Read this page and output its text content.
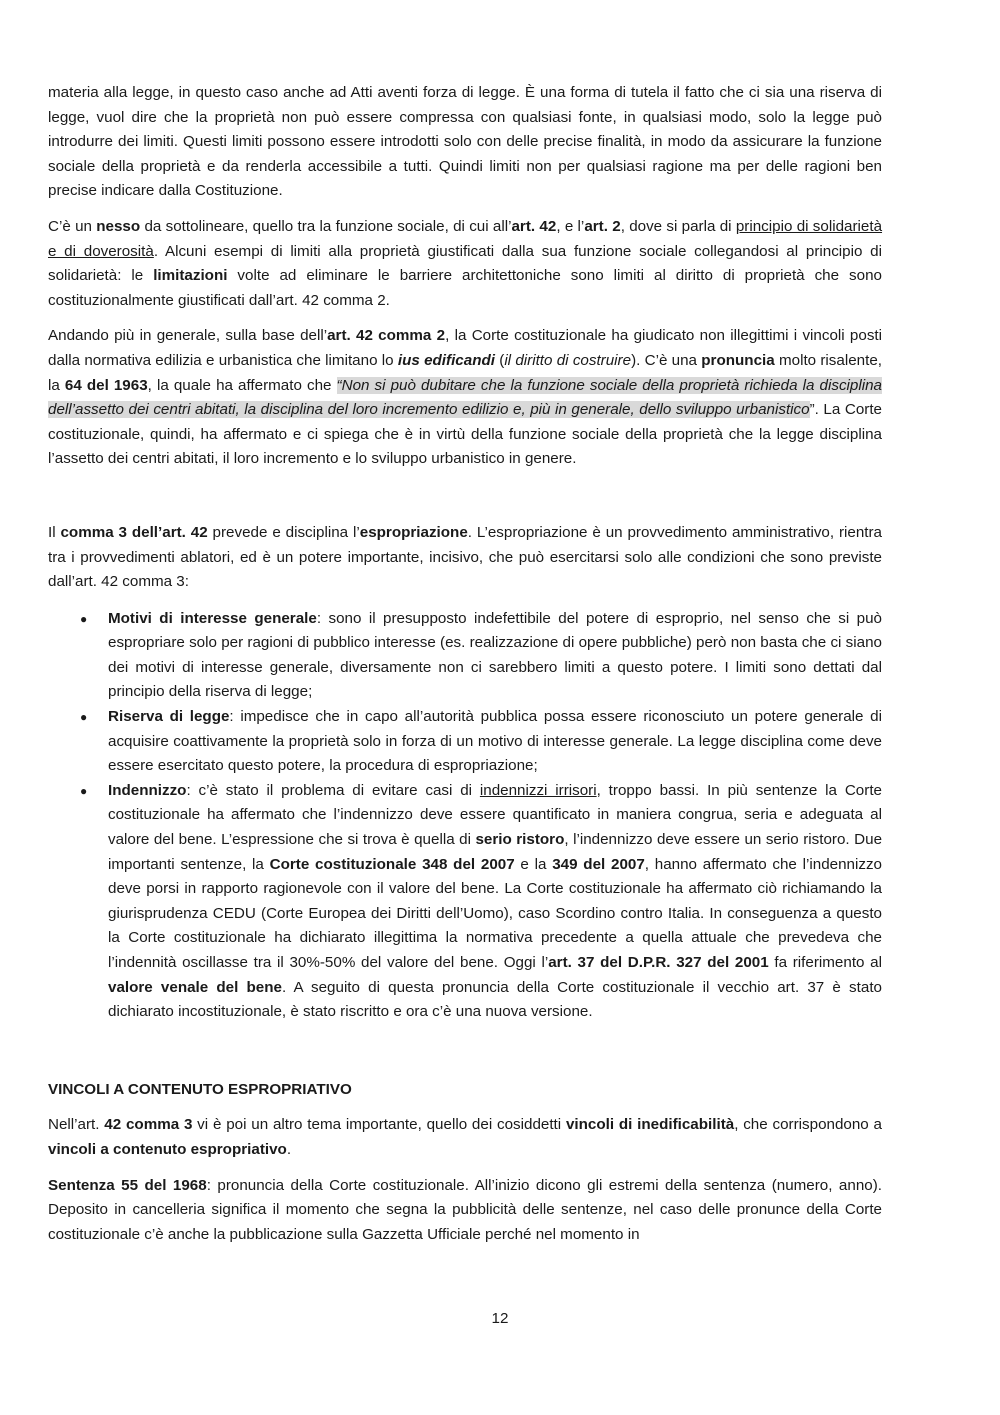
materia alla legge, in questo caso anche ad Atti aventi forza di legge. È una forma di tutela il fatto che ci sia una riserva di legge, vuol dire che la proprietà non può essere compressa con qualsiasi fonte, in qualsiasi modo, solo la legge può introdurre dei limiti. Questi limiti possono essere introdotti solo con delle precise finalità, in modo da assicurare la funzione sociale della proprietà e da renderla accessibile a tutti. Quindi limiti non per qualsiasi ragione ma per delle ragioni ben precise indicare dalla Costituzione.

C’è un nesso da sottolineare, quello tra la funzione sociale, di cui all’art. 42, e l’art. 2, dove si parla di principio di solidarietà e di doverosità. Alcuni esempi di limiti alla proprietà giustificati dalla sua funzione sociale collegandosi al principio di solidarietà: le limitazioni volte ad eliminare le barriere architettoniche sono limiti al diritto di proprietà che sono costituzionalmente giustificati dall’art. 42 comma 2.

Andando più in generale, sulla base dell’art. 42 comma 2, la Corte costituzionale ha giudicato non illegittimi i vincoli posti dalla normativa edilizia e urbanistica che limitano lo ius edificandi (il diritto di costruire). C’è una pronuncia molto risalente, la 64 del 1963, la quale ha affermato che “Non si può dubitare che la funzione sociale della proprietà richieda la disciplina dell’assetto dei centri abitati, la disciplina del loro incremento edilizio e, più in generale, dello sviluppo urbanistico”. La Corte costituzionale, quindi, ha affermato e ci spiega che è in virtù della funzione sociale della proprietà che la legge disciplina l’assetto dei centri abitati, il loro incremento e lo sviluppo urbanistico in genere.

Il comma 3 dell’art. 42 prevede e disciplina l’espropriazione. L’espropriazione è un provvedimento amministrativo, rientra tra i provvedimenti ablatori, ed è un potere importante, incisivo, che può esercitarsi solo alle condizioni che sono previste dall’art. 42 comma 3:

● Motivi di interesse generale: sono il presupposto indefettibile del potere di esproprio, nel senso che si può espropriare solo per ragioni di pubblico interesse (es. realizzazione di opere pubbliche) però non basta che ci siano dei motivi di interesse generale, diversamente non ci sarebbero limiti a questo potere. I limiti sono dettati dal principio della riserva di legge;
● Riserva di legge: impedisce che in capo all’autorità pubblica possa essere riconosciuto un potere generale di acquisire coattivamente la proprietà solo in forza di un motivo di interesse generale. La legge disciplina come deve essere esercitato questo potere, la procedura di espropriazione;
● Indennizzo: c’è stato il problema di evitare casi di indennizzi irrisori, troppo bassi. In più sentenze la Corte costituzionale ha affermato che l’indennizzo deve essere quantificato in maniera congrua, seria e adeguata al valore del bene. L’espressione che si trova è quella di serio ristoro, l’indennizzo deve essere un serio ristoro. Due importanti sentenze, la Corte costituzionale 348 del 2007 e la 349 del 2007, hanno affermato che l’indennizzo deve porsi in rapporto ragionevole con il valore del bene. La Corte costituzionale ha affermato ciò richiamando la giurisprudenza CEDU (Corte Europea dei Diritti dell’Uomo), caso Scordino contro Italia. In conseguenza a questo la Corte costituzionale ha dichiarato illegittima la normativa precedente a quella attuale che prevedeva che l’indennità oscillasse tra il 30%-50% del valore del bene. Oggi l’art. 37 del D.P.R. 327 del 2001 fa riferimento al valore venale del bene. A seguito di questa pronuncia della Corte costituzionale il vecchio art. 37 è stato dichiarato incostituzionale, è stato riscritto e ora c’è una nuova versione.

VINCOLI A CONTENUTO ESPROPRIATIVO

Nell’art. 42 comma 3 vi è poi un altro tema importante, quello dei cosiddetti vincoli di inedificabilità, che corrispondono a vincoli a contenuto espropriativo.

Sentenza 55 del 1968: pronuncia della Corte costituzionale. All’inizio dicono gli estremi della sentenza (numero, anno). Deposito in cancelleria significa il momento che segna la pubblicità delle sentenze, nel caso delle pronunce della Corte costituzionale c’è anche la pubblicazione sulla Gazzetta Ufficiale perché nel momento in

12
